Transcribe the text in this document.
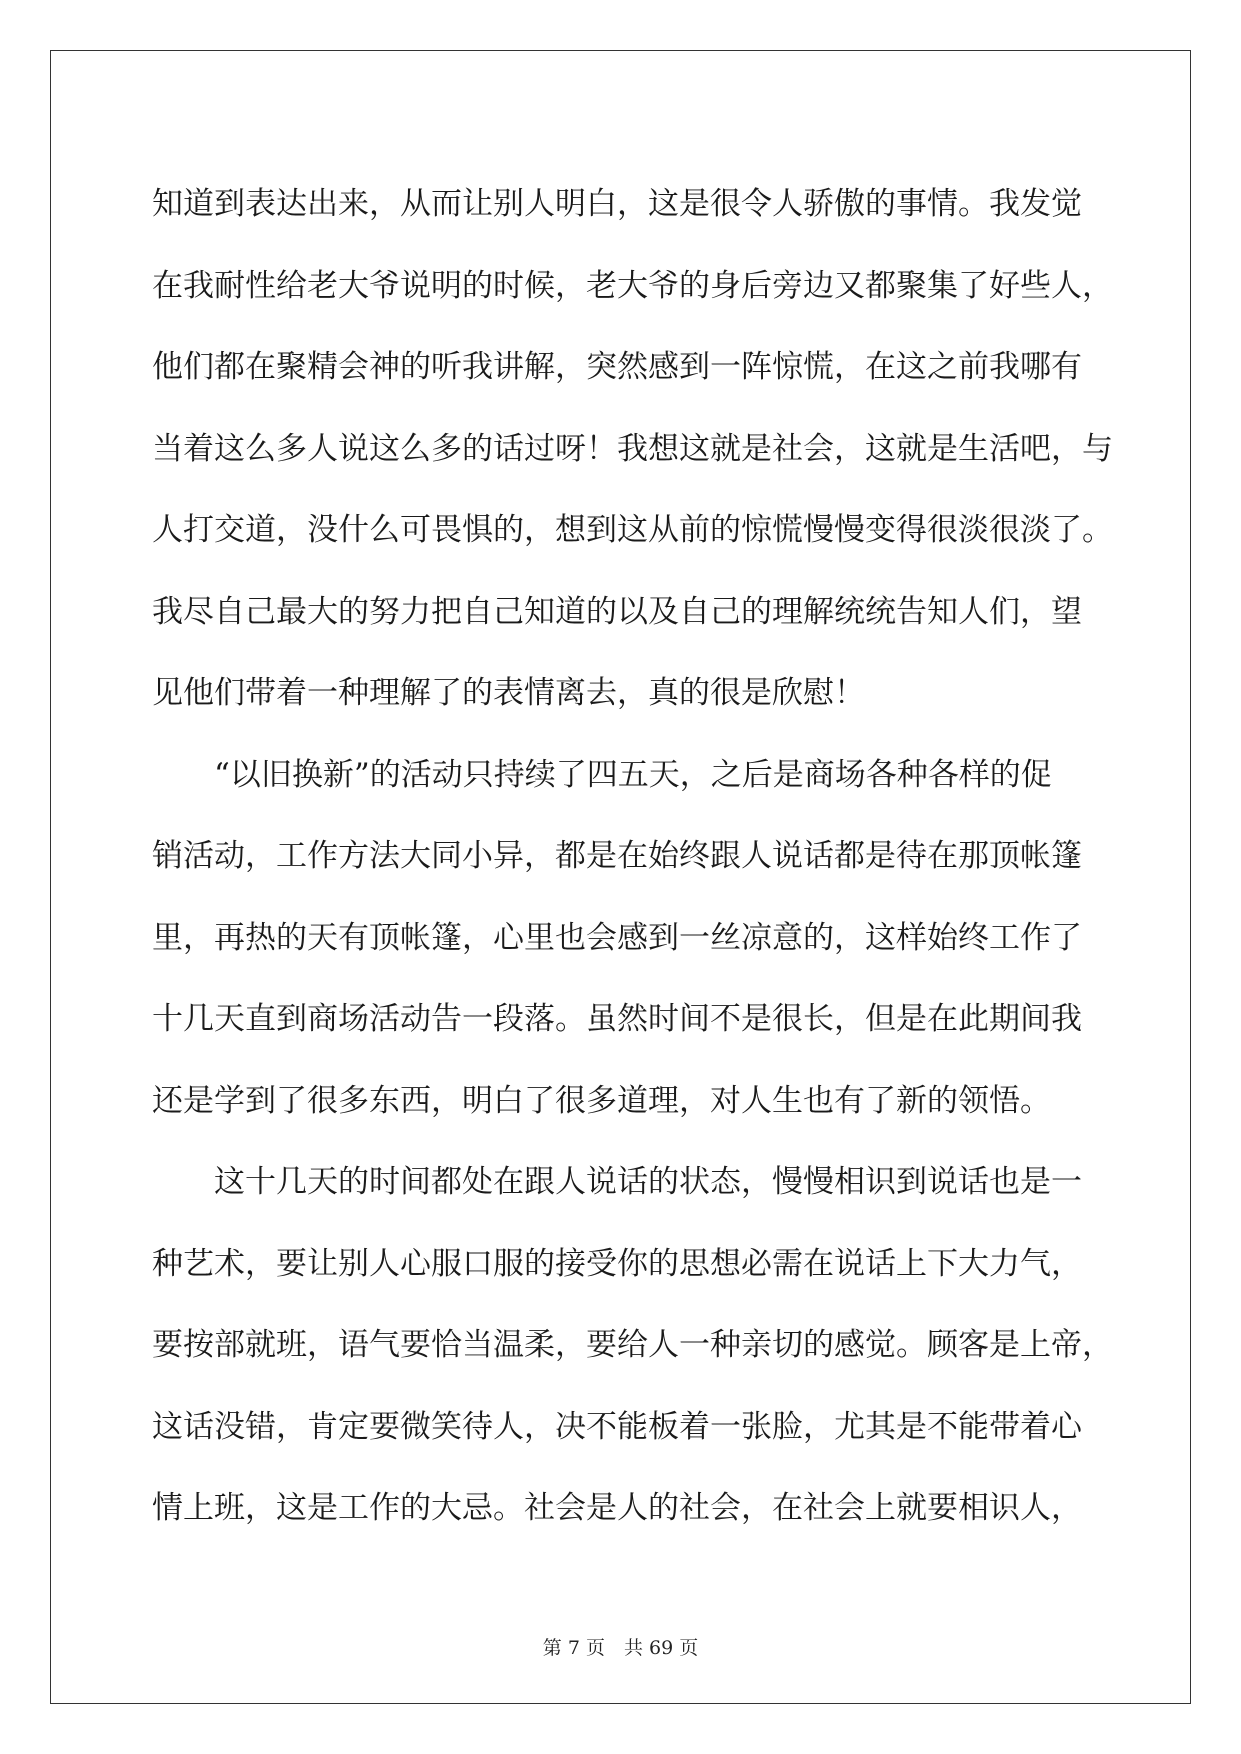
知道到表达出来，从而让别人明白，这是很令人骄傲的事情。我发觉
在我耐性给老大爷说明的时候，老大爷的身后旁边又都聚集了好些人，
他们都在聚精会神的听我讲解，突然感到一阵惊慌，在这之前我哪有
当着这么多人说这么多的话过呀！我想这就是社会，这就是生活吧，与
人打交道，没什么可畏惧的，想到这从前的惊慌慢慢变得很淡很淡了。
我尽自己最大的努力把自己知道的以及自己的理解统统告知人们，望
见他们带着一种理解了的表情离去，真的很是欣慰！
　　“以旧换新”的活动只持续了四五天，之后是商场各种各样的促
销活动，工作方法大同小异，都是在始终跟人说话都是待在那顶帐篷
里，再热的天有顶帐篷，心里也会感到一丝凉意的，这样始终工作了
十几天直到商场活动告一段落。虽然时间不是很长，但是在此期间我
还是学到了很多东西，明白了很多道理，对人生也有了新的领悟。
　　这十几天的时间都处在跟人说话的状态，慢慢相识到说话也是一
种艺术，要让别人心服口服的接受你的思想必需在说话上下大力气，
要按部就班，语气要恰当温柔，要给人一种亲切的感觉。顾客是上帝，
这话没错，肯定要微笑待人，决不能板着一张脸，尤其是不能带着心
情上班，这是工作的大忌。社会是人的社会，在社会上就要相识人，
第 7 页　共 69 页
